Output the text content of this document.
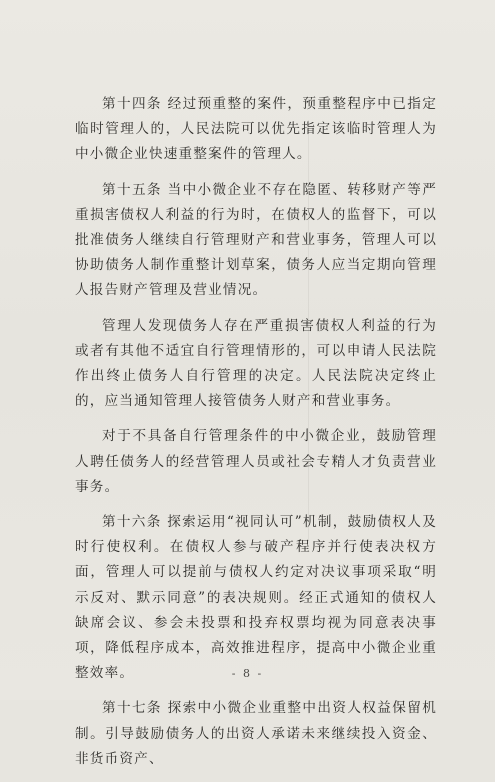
第十四条 经过预重整的案件，预重整程序中已指定临时管理人的，人民法院可以优先指定该临时管理人为中小微企业快速重整案件的管理人。

第十五条 当中小微企业不存在隐匿、转移财产等严重损害债权人利益的行为时，在债权人的监督下，可以批准债务人继续自行管理财产和营业事务，管理人可以协助债务人制作重整计划草案，债务人应当定期向管理人报告财产管理及营业情况。

管理人发现债务人存在严重损害债权人利益的行为或者有其他不适宜自行管理情形的，可以申请人民法院作出终止债务人自行管理的决定。人民法院决定终止的，应当通知管理人接管债务人财产和营业事务。

对于不具备自行管理条件的中小微企业，鼓励管理人聘任债务人的经营管理人员或社会专精人才负责营业事务。

第十六条 探索运用“视同认可”机制，鼓励债权人及时行使权利。在债权人参与破产程序并行使表决权方面，管理人可以提前与债权人约定对决议事项采取“明示反对、默示同意”的表决规则。经正式通知的债权人缺席会议、参会未投票和投弃权票均视为同意表决事项，降低程序成本，高效推进程序，提高中小微企业重整效率。

第十七条 探索中小微企业重整中出资人权益保留机制。引导鼓励债务人的出资人承诺未来继续投入资金、非货币资产、

- 8 -
